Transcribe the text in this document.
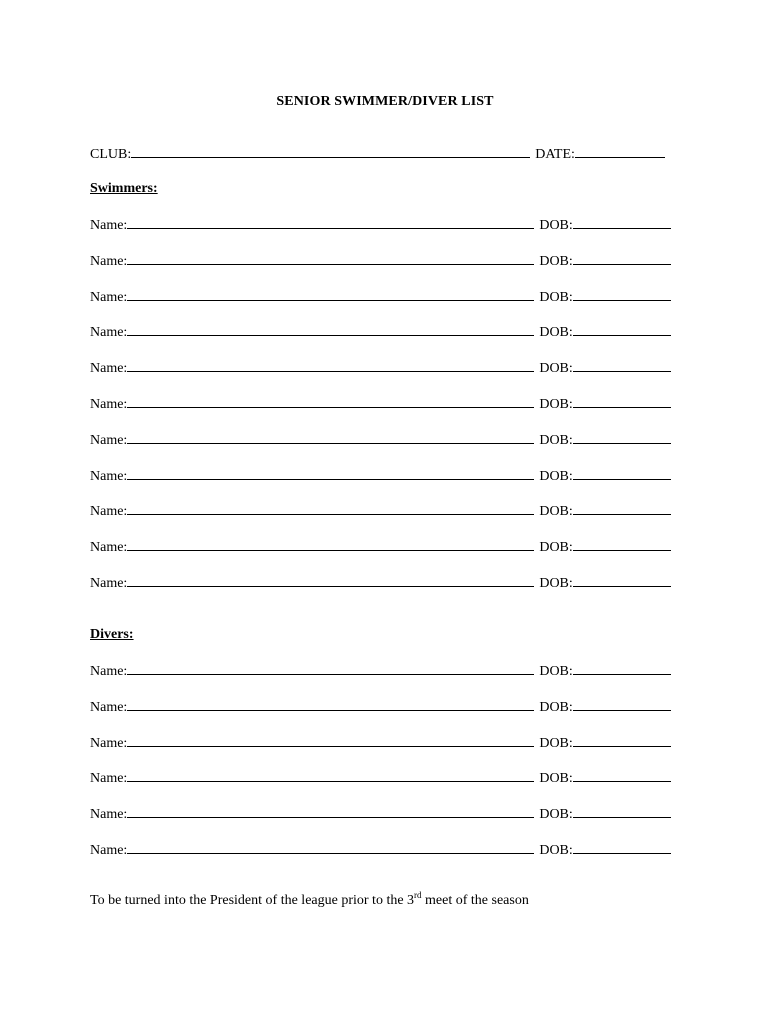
SENIOR SWIMMER/DIVER LIST
CLUB:	DATE:
Swimmers:
Name:	DOB:
Name:	DOB:
Name:	DOB:
Name:	DOB:
Name:	DOB:
Name:	DOB:
Name:	DOB:
Name:	DOB:
Name:	DOB:
Name:	DOB:
Name:	DOB:
Divers:
Name:	DOB:
Name:	DOB:
Name:	DOB:
Name:	DOB:
Name:	DOB:
Name:	DOB:
To be turned into the President of the league prior to the 3rd meet of the season
